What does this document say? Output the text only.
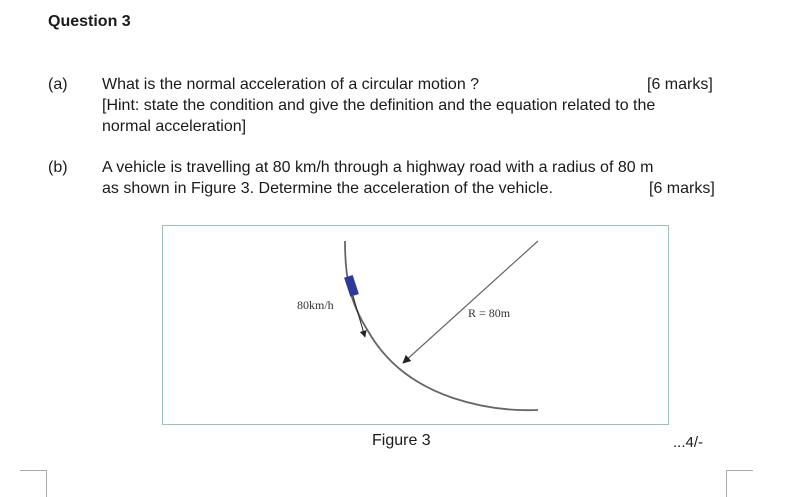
Question 3
(a) What is the normal acceleration of a circular motion ?	[6 marks]
[Hint: state the condition and give the definition and the equation related to the
normal acceleration]
(b) A vehicle is travelling at 80 km/h through a highway road with a radius of 80 m
as shown in Figure 3. Determine the acceleration of the vehicle.	[6 marks]
80km/h
R = 80m
Figure 3	...4/-
